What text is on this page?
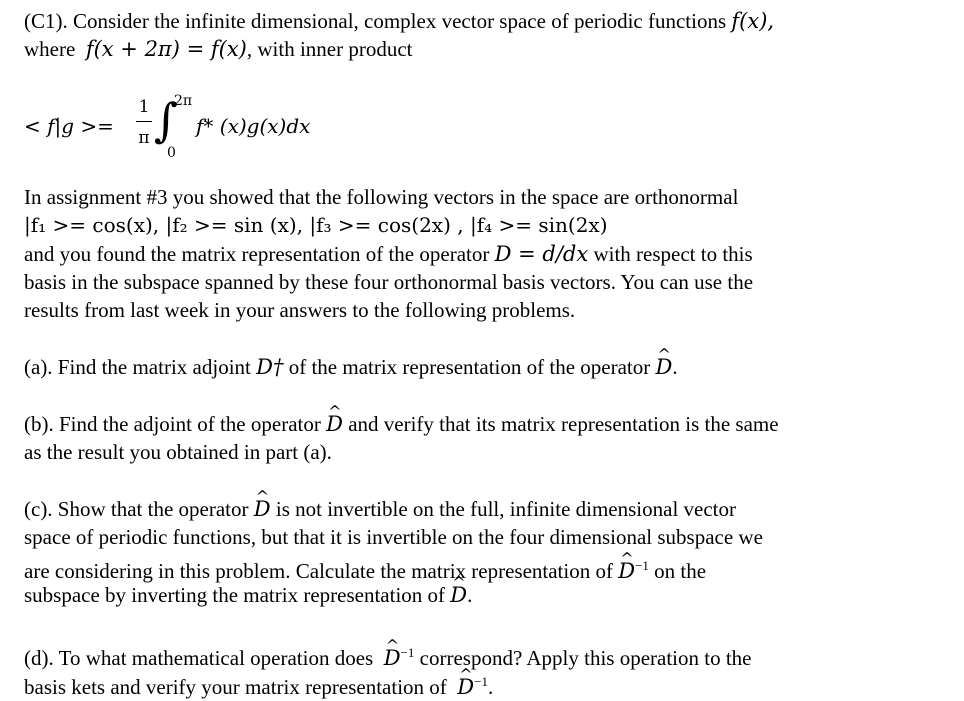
(C1). Consider the infinite dimensional, complex vector space of periodic functions f(x),
where f(x + 2π) = f(x), with inner product
< f|g >=
1
π ∫
2π
0
f* (x)g(x)dx
In assignment #3 you showed that the following vectors in the space are orthonormal
|f₁ >= cos(x), |f₂ >= sin (x), |f₃ >= cos(2x) , |f₄ >= sin(2x)
and you found the matrix representation of the operator D = d/dx with respect to this
basis in the subspace spanned by these four orthonormal basis vectors. You can use the
results from last week in your answers to the following problems.
(a). Find the matrix adjoint D† of the matrix representation of the operator ^ D.
(b). Find the adjoint of the operator ^ D and verify that its matrix representation is the same
as the result you obtained in part (a).
(c). Show that the operator ^ D is not invertible on the full, infinite dimensional vector
space of periodic functions, but that it is invertible on the four dimensional subspace we
are considering in this problem. Calculate the matrix representation of ^ $D^{-1}$ on the
subspace by inverting the matrix representation of ^ D.
(d). To what mathematical operation does ^ $D^{-1}$ correspond? Apply this operation to the
basis kets and verify your matrix representation of ^ $D^{-1}$.
